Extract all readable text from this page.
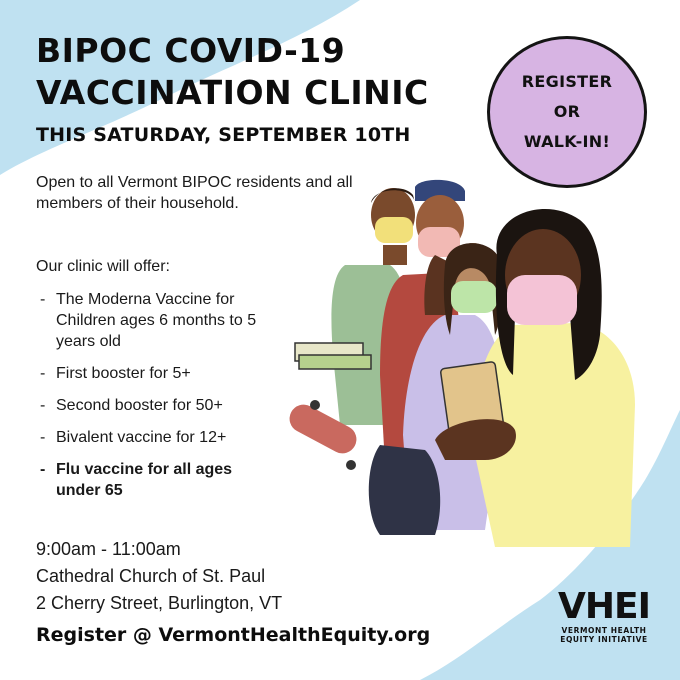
BIPOC COVID-19
VACCINATION CLINIC
THIS SATURDAY, SEPTEMBER 10TH
REGISTER
OR
WALK-IN!
Open to all Vermont BIPOC residents and all members of their household.
Our clinic will offer:
- The Moderna Vaccine for Children ages 6 months to 5 years old
- First booster for 5+
- Second booster for 50+
- Bivalent vaccine for 12+
- Flu vaccine for all ages under 65
9:00am - 11:00am
Cathedral Church of St. Paul
2 Cherry Street, Burlington, VT
Register @ VermontHealthEquity.org
VHEI
VERMONT HEALTH
EQUITY INITIATIVE
